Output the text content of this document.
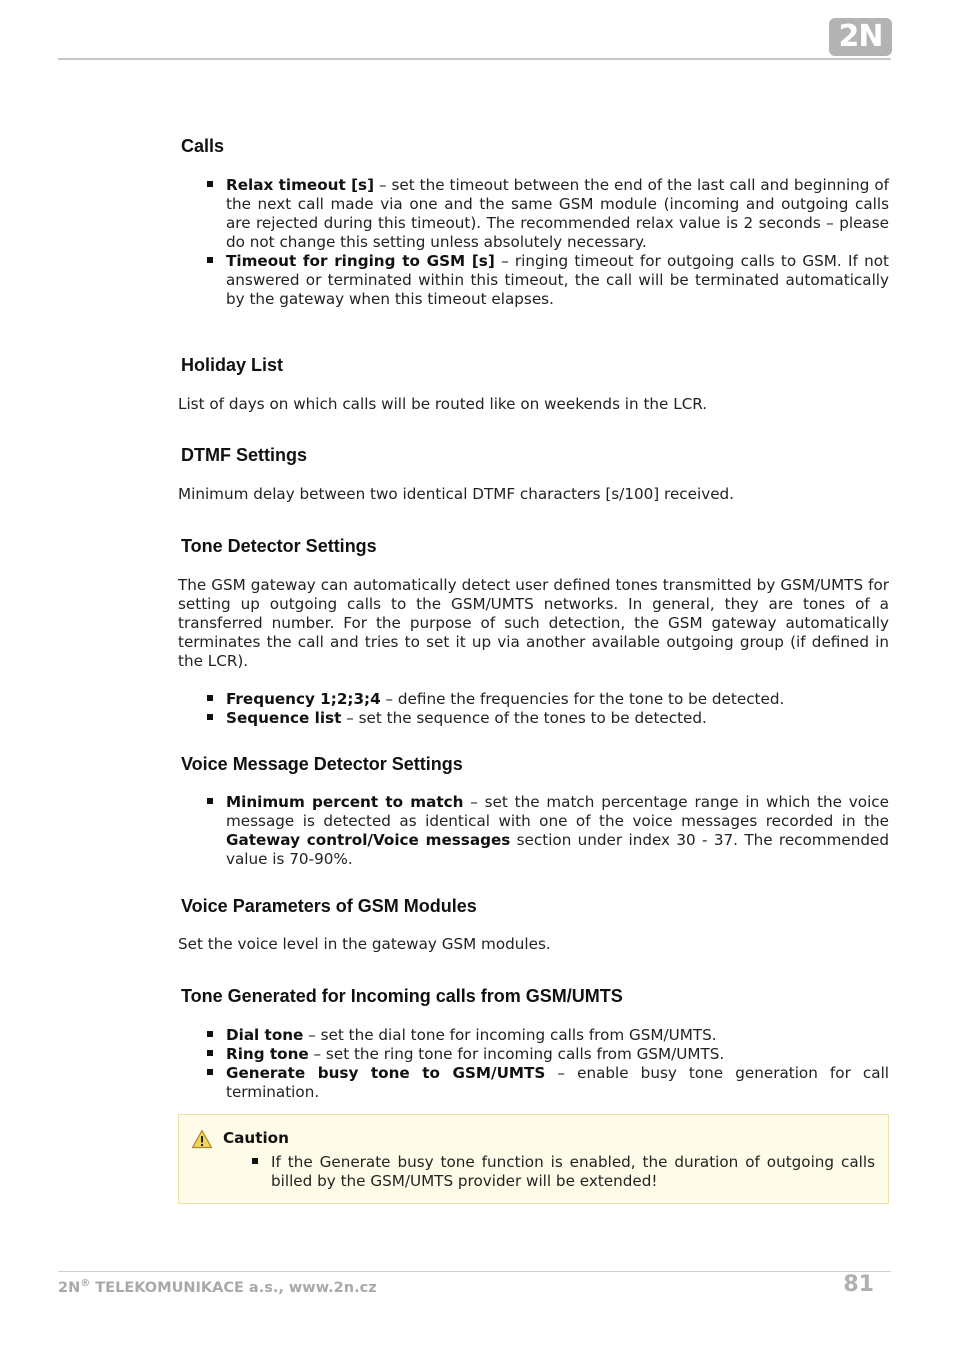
2N
Calls
Relax timeout [s] – set the timeout between the end of the last call and beginning of the next call made via one and the same GSM module (incoming and outgoing calls are rejected during this timeout). The recommended relax value is 2 seconds – please do not change this setting unless absolutely necessary.
Timeout for ringing to GSM [s] – ringing timeout for outgoing calls to GSM. If not answered or terminated within this timeout, the call will be terminated automatically by the gateway when this timeout elapses.
Holiday List

List of days on which calls will be routed like on weekends in the LCR.

DTMF Settings

Minimum delay between two identical DTMF characters [s/100] received.

Tone Detector Settings

The GSM gateway can automatically detect user defined tones transmitted by GSM/UMTS for setting up outgoing calls to the GSM/UMTS networks. In general, they are tones of a transferred number. For the purpose of such detection, the GSM gateway automatically terminates the call and tries to set it up via another available outgoing group (if defined in the LCR).

Frequency 1;2;3;4 – define the frequencies for the tone to be detected.
Sequence list – set the sequence of the tones to be detected.
Voice Message Detector Settings
Minimum percent to match – set the match percentage range in which the voice message is detected as identical with one of the voice messages recorded in the Gateway control/Voice messages section under index 30 - 37. The recommended value is 70-90%.
Voice Parameters of GSM Modules

Set the voice level in the gateway GSM modules.

Tone Generated for Incoming calls from GSM/UMTS
Dial tone – set the dial tone for incoming calls from GSM/UMTS.
Ring tone – set the ring tone for incoming calls from GSM/UMTS.
Generate busy tone to GSM/UMTS – enable busy tone generation for call termination.
Caution
If the Generate busy tone function is enabled, the duration of outgoing calls billed by the GSM/UMTS provider will be extended!
2N® TELEKOMUNIKACE a.s., www.2n.cz	81
